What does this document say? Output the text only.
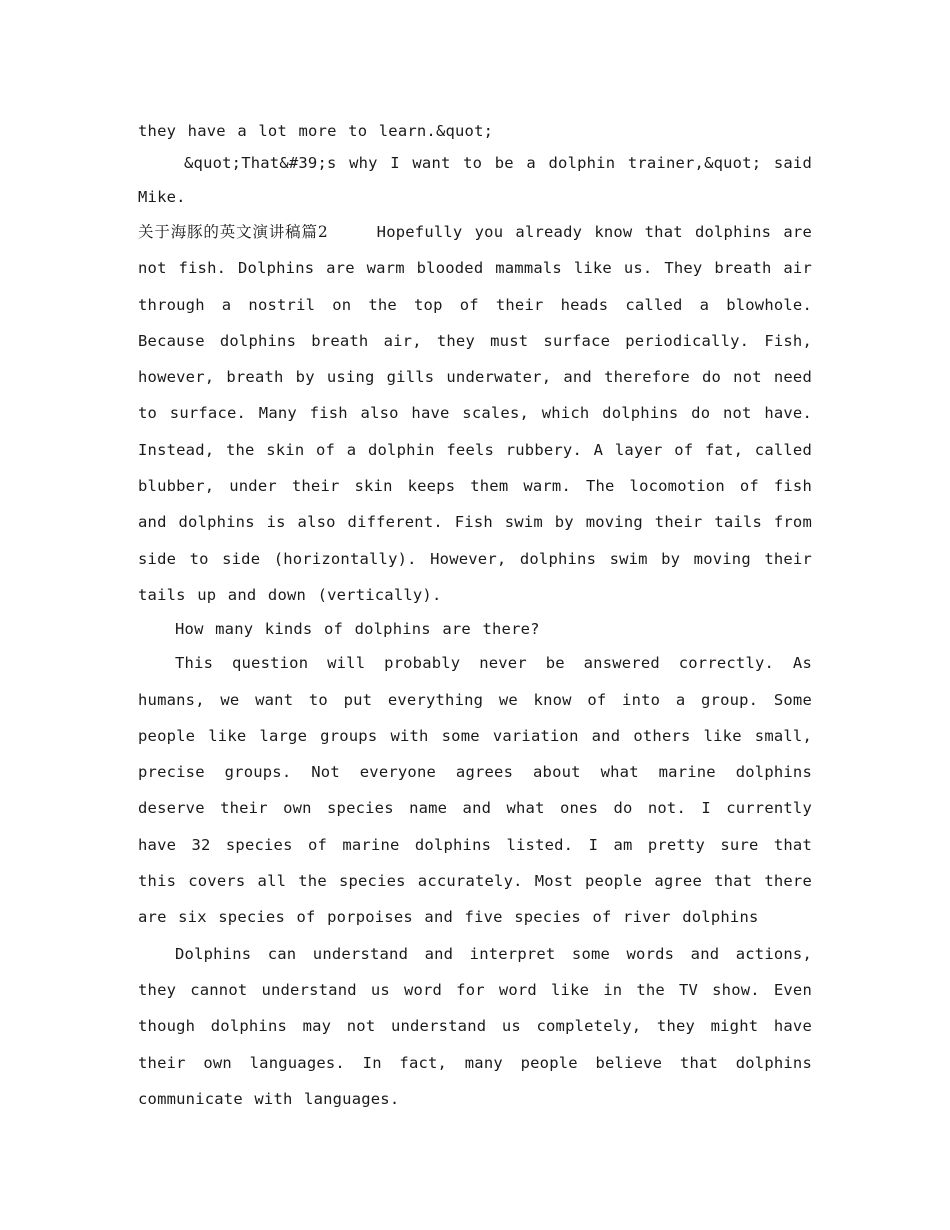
they have a lot more to learn.&quot;

&quot;That&#39;s why I want to be a dolphin trainer,&quot; said Mike.

关于海豚的英文演讲稿篇2	Hopefully you already know that dolphins are not fish. Dolphins are warm blooded mammals like us. They breath air through a nostril on the top of their heads called a blowhole. Because dolphins breath air, they must surface periodically. Fish, however, breath by using gills underwater, and therefore do not need to surface. Many fish also have scales, which dolphins do not have. Instead, the skin of a dolphin feels rubbery. A layer of fat, called blubber, under their skin keeps them warm. The locomotion of fish and dolphins is also different. Fish swim by moving their tails from side to side (horizontally). However, dolphins swim by moving their tails up and down (vertically).

How many kinds of dolphins are there?

This question will probably never be answered correctly. As humans, we want to put everything we know of into a group. Some people like large groups with some variation and others like small, precise groups. Not everyone agrees about what marine dolphins deserve their own species name and what ones do not. I currently have 32 species of marine dolphins listed. I am pretty sure that this covers all the species accurately. Most people agree that there are six species of porpoises and five species of river dolphins

Dolphins can understand and interpret some words and actions, they cannot understand us word for word like in the TV show. Even though dolphins may not understand us completely, they might have their own languages. In fact, many people believe that dolphins communicate with languages.
